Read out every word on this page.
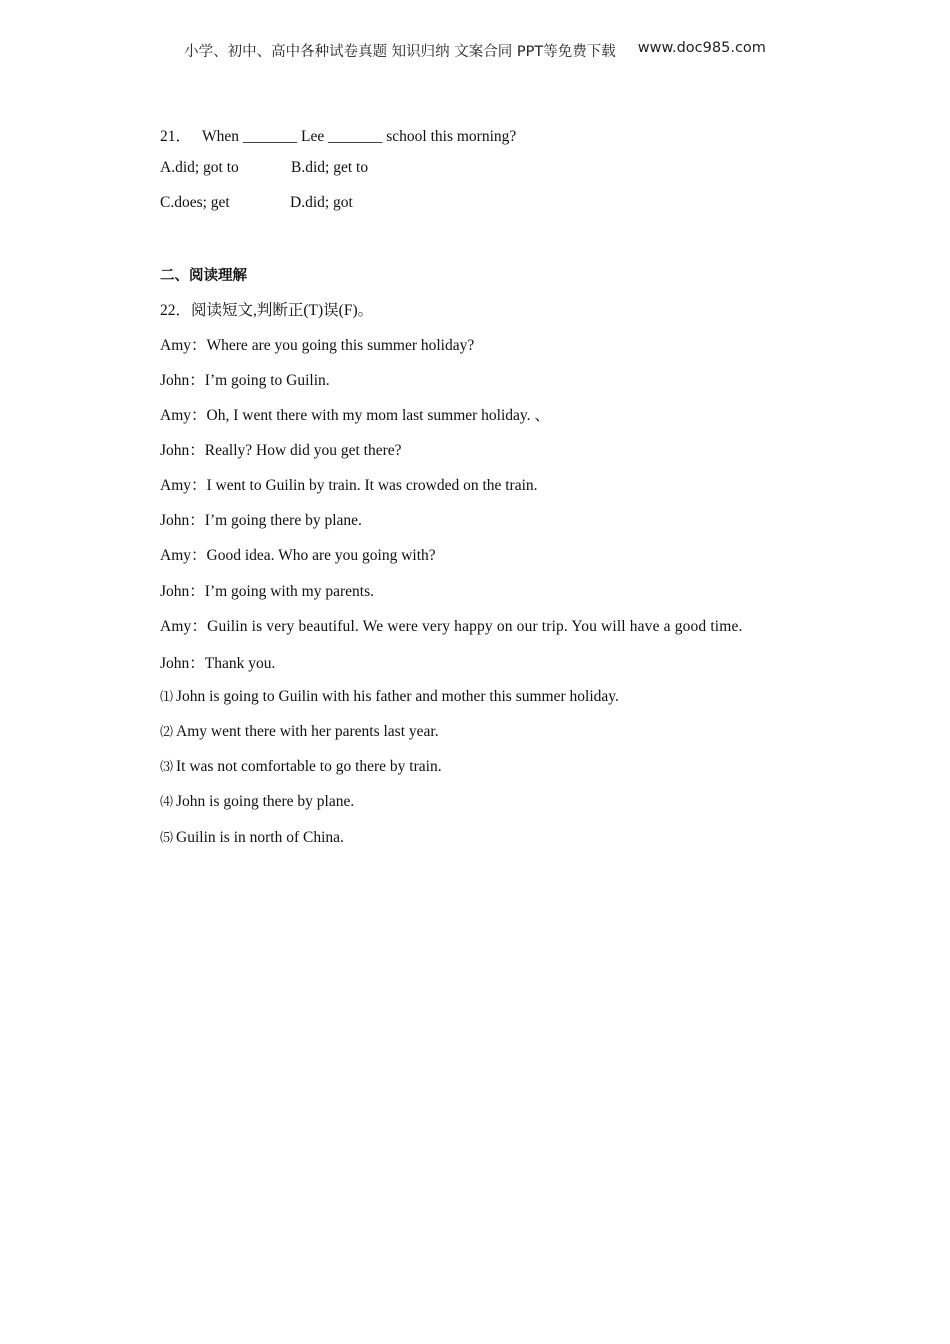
小学、初中、高中各种试卷真题 知识归纳 文案合同 PPT等免费下载 www.doc985.com
21． When _______ Lee _______ school this morning?
A.did; got to	B.did; get to
C.does; get	D.did; got
二、阅读理解
22．阅读短文,判断正(T)误(F)。
Amy：Where are you going this summer holiday?
John：I’m going to Guilin.
Amy：Oh, I went there with my mom last summer holiday. 、
John：Really? How did you get there?
Amy：I went to Guilin by train. It was crowded on the train.
John：I’m going there by plane.
Amy：Good idea. Who are you going with?
John：I’m going with my parents.
Amy：Guilin is very beautiful. We were very happy on our trip. You will have a good time.
John：Thank you.
⑴ John is going to Guilin with his father and mother this summer holiday.
⑵ Amy went there with her parents last year.
⑶ It was not comfortable to go there by train.
⑷ John is going there by plane.
⑸ Guilin is in north of China.
